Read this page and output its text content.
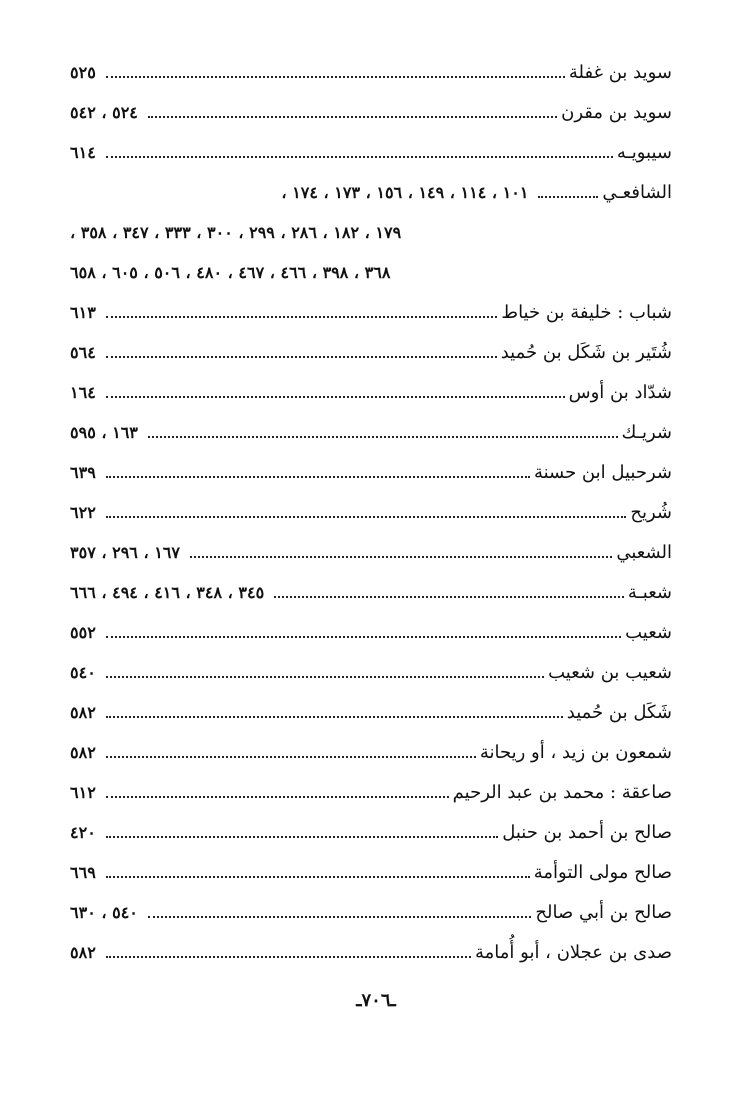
سويد بن غفلة
٥٢٥
سويد بن مقرن
٥٢٤ ، ٥٤٢
سيبويـه
٦١٤
الشافعـي
١٠١ ، ١١٤ ، ١٤٩ ، ١٥٦ ، ١٧٣ ، ١٧٤ ،
١٧٩ ، ١٨٢ ، ٢٨٦ ، ٢٩٩ ، ٣٠٠ ، ٣٣٣ ، ٣٤٧ ، ٣٥٨ ،
٣٦٨ ، ٣٩٨ ، ٤٦٦ ، ٤٦٧ ، ٤٨٠ ، ٥٠٦ ، ٦٠٥ ، ٦٥٨
شباب : خليفة بن خياط
٦١٣
شُتَير بن شَكَل بن حُميد
٥٦٤
شدّاد بن أوس
١٦٤
شريـك
١٦٣ ، ٥٩٥
شرحبيل ابن حسنة
٦٣٩
شُريح
٦٢٢
الشعبي
١٦٧ ، ٢٩٦ ، ٣٥٧
شعبـة
٣٤٥ ، ٣٤٨ ، ٤١٦ ، ٤٩٤ ، ٦٦٦
شعيب
٥٥٢
شعيب بن شعيب
٥٤٠
شَكَل بن حُميد
٥٨٢
شمعون بن زيد ، أو ريحانة
٥٨٢
صاعقة : محمد بن عبد الرحيم
٦١٢
صالح بن أحمد بن حنبل
٤٢٠
صالح مولى التوأمة
٦٦٩
صالح بن أبي صالح
٥٤٠ ، ٦٣٠
صدى بن عجلان ، أبو أُمامة
٥٨٢
ـ٧٠٦ـ
